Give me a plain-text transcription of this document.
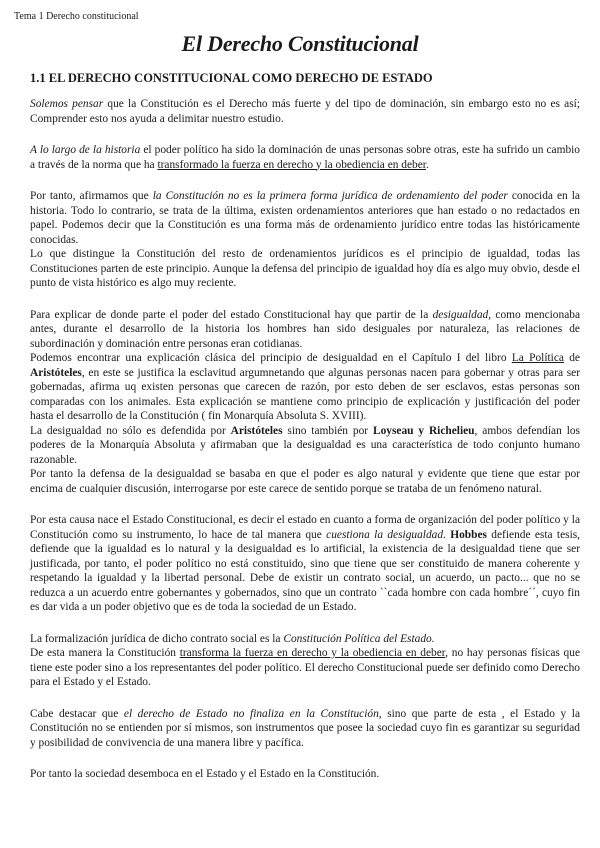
Tema 1 Derecho constitucional
El Derecho Constitucional
1.1 EL DERECHO CONSTITUCIONAL COMO DERECHO DE ESTADO

Solemos pensar que la Constitución es el Derecho más fuerte y del tipo de dominación, sin embargo esto no es así; Comprender esto nos ayuda a delimitar nuestro estudio.

A lo largo de la historia el poder político ha sido la dominación de unas personas sobre otras, este ha sufrido un cambio a través de la norma que ha transformado la fuerza en derecho y la obediencia en deber.

Por tanto, afirmamos que la Constitución no es la primera forma jurídica de ordenamiento del poder conocida en la historia. Todo lo contrario, se trata de la última, existen ordenamientos anteriores que han estado o no redactados en papel. Podemos decir que la Constitución es una forma más de ordenamiento jurídico entre todas las históricamente conocidas.

Lo que distingue la Constitución del resto de ordenamientos jurídicos es el principio de igualdad, todas las Constituciones parten de este principio. Aunque la defensa del principio de igualdad hoy día es algo muy obvio, desde el punto de vista histórico es algo muy reciente.

Para explicar de donde parte el poder del estado Constitucional hay que partir de la desigualdad, como mencionaba antes, durante el desarrollo de la historia los hombres han sido desiguales por naturaleza, las relaciones de subordinación y dominación entre personas eran cotidianas.

Podemos encontrar una explicación clásica del principio de desigualdad en el Capítulo I del libro La Política de Aristóteles, en este se justifica la esclavitud argumnetando que algunas personas nacen para gobernar y otras para ser gobernadas, afirma uq existen personas que carecen de razón, por esto deben de ser esclavos, estas personas son comparadas con los animales. Esta explicación se mantiene como principio de explicación y justificación del poder hasta el desarrollo de la Constitución ( fin Monarquía Absoluta S. XVIII).

La desigualdad no sólo es defendida por Aristóteles sino también por Loyseau y Richelieu, ambos defendían los poderes de la Monarquía Absoluta y afirmaban que la desigualdad es una característica de todo conjunto humano razonable.

Por tanto la defensa de la desigualdad se basaba en que el poder es algo natural y evidente que tiene que estar por encima de cualquier discusión, interrogarse por este carece de sentido porque se trataba de un fenómeno natural.

Por esta causa nace el Estado Constitucional, es decir el estado en cuanto a forma de organización del poder político y la Constitución como su instrumento, lo hace de tal manera que cuestiona la desigualdad. Hobbes defiende esta tesis, defiende que la igualdad es lo natural y la desigualdad es lo artificial, la existencia de la desigualdad tiene que ser justificada, por tanto, el poder político no está constituido, sino que tiene que ser constituido de manera coherente y respetando la igualdad y la libertad personal. Debe de existir un contrato social, un acuerdo, un pacto... que no se reduzca a un acuerdo entre gobernantes y gobernados, sino que un contrato ``cada hombre con cada hombre´´, cuyo fin es dar vida a un poder objetivo que es de toda la sociedad de un Estado.

La formalización jurídica de dicho contrato social es la Constitución Política del Estado.
De esta manera la Constitución transforma la fuerza en derecho y la obediencia en deber, no hay personas físicas que tiene este poder sino a los representantes del poder político. El derecho Constitucional puede ser definido como Derecho para el Estado y el Estado.

Cabe destacar que el derecho de Estado no finaliza en la Constitución, sino que parte de esta , el Estado y la Constitución no se entienden por sí mismos, son instrumentos que posee la sociedad cuyo fin es garantizar su seguridad y posibilidad de convivencia de una manera libre y pacífica.

Por tanto la sociedad desemboca en el Estado y el Estado en la Constitución.
